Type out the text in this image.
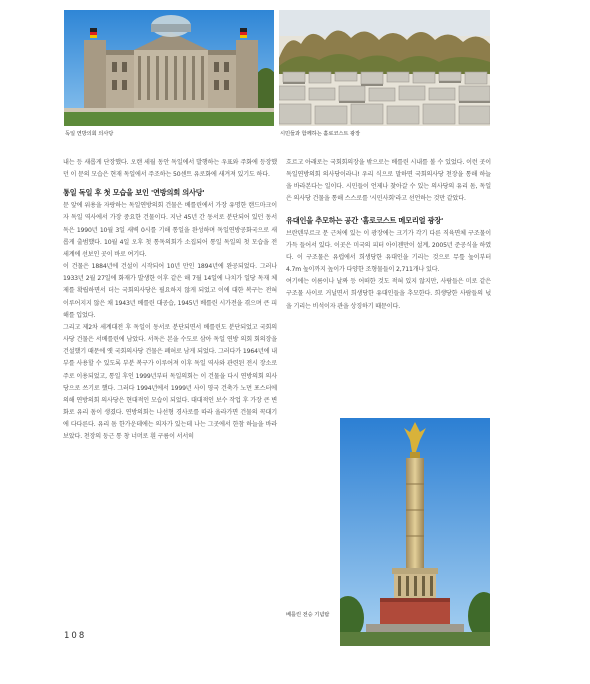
독일 연방의회 의사당	시민들과 함께하는 홀로코스트 광장

내는 등 새롭게 단장했다. 오랜 세월 동안 독일에서 발행하는 우표와 주화에 등장했던 이 문의 모습은 현재 독일에서 주조하는 50센트 유로화에 새겨져 있기도 하다.

통일 독일 후 첫 모습을 보인 '연방의회 의사당'

문 앞에 위용을 자랑하는 독일연방의회 건물은 베를린에서 가장 유명한 랜드마크이자 독일 역사에서 가장 중요한 건물이다. 지난 45년 간 동서로 분단되어 있던 동서독은 1990년 10월 3일 새벽 0시를 기해 통일을 완성하며 독일연방공화국으로 새롭게 출범했다. 10월 4일 오후 첫 통독의회가 소집되어 통일 독일의 첫 모습을 전 세계에 선보인 곳이 바로 여기다.

이 건물은 1884년에 건설이 시작되어 10년 만인 1894년에 완공되었다. 그러나 1933년 2월 27일에 화재가 발생한 이후 같은 해 7월 14일에 나치가 일당 독재 체제를 확립하면서 더는 국회의사당은 필요하지 않게 되었고 이에 대한 복구는 전혀 이루어지지 않은 채 1943년 베를린 대공습, 1945년 베를린 시가전을 겪으며 큰 피해를 입었다.

그리고 제2차 세계대전 후 독일이 동서로 분단되면서 베를린도 분단되었고 국회의사당 건물은 서베를린에 남았다. 서독은 본을 수도로 삼아 독일 연방 의회 회의장을 건설했기 때문에 옛 국회의사당 건물은 폐허로 남게 되었다. 그러다가 1964년에 내부를 사용할 수 있도록 부분 복구가 이루어져 이후 독일 역사와 관련된 전시 장소로 주로 이용되었고, 통일 후인 1999년부터 독일의회는 이 건물을 다시 연방의회 의사당으로 쓰기로 했다. 그러다 1994년에서 1999년 사이 영국 건축가 노먼 포스터에 의해 연방의회 의사당은 현대적인 모습이 되었다. 대대적인 보수 작업 후 가장 큰 변화로 유리 돔이 생겼다. 연방의회는 나선형 경사로를 따라 올라가면 건물의 꼭대기에 다다른다. 유리 돔 한가운데에는 의자가 있는데 나는 그곳에서 한참 하늘을 바라보았다. 천장의 둥근 통 창 너머로 흰 구름이 서서히

흐르고 아래로는 국회회의장을 밖으로는 베를린 시내를 볼 수 있었다. 이런 곳이 독일연방의회 의사당이라니! 우리 식으로 말하면 국회의사당 천장을 통해 하늘을 바라본다는 일이다. 시민들이 언제나 찾아갈 수 있는 의사당의 유리 돔, 독일은 의사당 건물을 통해 스스로를 '시민사회'라고 선언하는 것만 같았다.

유대인을 추모하는 공간 '홀로코스트 메모리얼 광장'

브란덴부르크 문 근처에 있는 이 광장에는 크기가 각기 다른 직육면체 구조물이 가득 들어서 있다. 이곳은 미국의 피터 아이젠만이 설계, 2005년 준공식을 하였다. 이 구조물은 유럽에서 희생당한 유대인을 기리는 것으로 무릎 높이부터 4.7m 높이까지 높이가 다양한 조형물들이 2,711개나 있다.

여기에는 이름이나 날짜 등 어떠한 것도 적혀 있지 않지만, 사람들은 미로 같은 구조물 사이로 거닐면서 희생당한 유대인들을 추모한다. 희생당한 사람들의 넋을 기리는 비석이자 관을 상징하기 때문이다.

베를린 전승 기념탑
108
